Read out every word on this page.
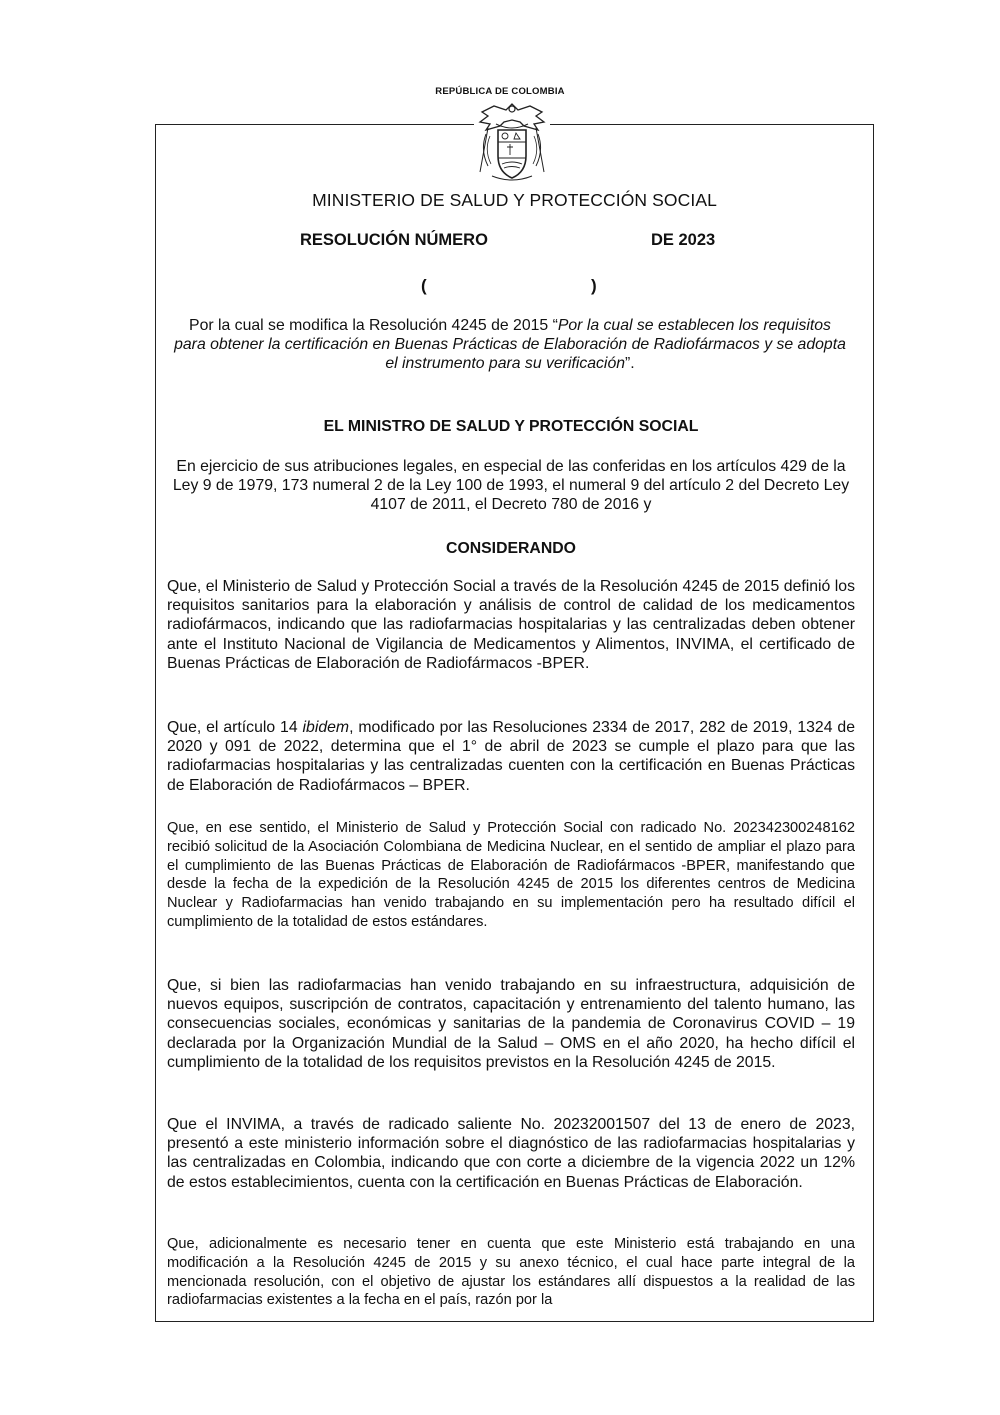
REPÚBLICA DE COLOMBIA
MINISTERIO DE SALUD Y PROTECCIÓN SOCIAL
RESOLUCIÓN NÚMERO	DE 2023
(	)
Por la cual se modifica la Resolución 4245 de 2015 “Por la cual se establecen los requisitos para obtener la certificación en Buenas Prácticas de Elaboración de Radiofármacos y se adopta el instrumento para su verificación”.
EL MINISTRO DE SALUD Y PROTECCIÓN SOCIAL
En ejercicio de sus atribuciones legales, en especial de las conferidas en los artículos 429 de la Ley 9 de 1979, 173 numeral 2 de la Ley 100 de 1993, el numeral 9 del artículo 2 del Decreto Ley 4107 de 2011, el Decreto 780 de 2016 y
CONSIDERANDO
Que, el Ministerio de Salud y Protección Social a través de la Resolución 4245 de 2015 definió los requisitos sanitarios para la elaboración y análisis de control de calidad de los medicamentos radiofármacos, indicando que las radiofarmacias hospitalarias y las centralizadas deben obtener ante el Instituto Nacional de Vigilancia de Medicamentos y Alimentos, INVIMA, el certificado de Buenas Prácticas de Elaboración de Radiofármacos -BPER.
Que, el artículo 14 ibidem, modificado por las Resoluciones 2334 de 2017, 282 de 2019, 1324 de 2020 y 091 de 2022, determina que el 1° de abril de 2023 se cumple el plazo para que las radiofarmacias hospitalarias y las centralizadas cuenten con la certificación en Buenas Prácticas de Elaboración de Radiofármacos – BPER.
Que, en ese sentido, el Ministerio de Salud y Protección Social con radicado No. 202342300248162 recibió solicitud de la Asociación Colombiana de Medicina Nuclear, en el sentido de ampliar el plazo para el cumplimiento de las Buenas Prácticas de Elaboración de Radiofármacos -BPER, manifestando que desde la fecha de la expedición de la Resolución 4245 de 2015 los diferentes centros de Medicina Nuclear y Radiofarmacias han venido trabajando en su implementación pero ha resultado difícil el cumplimiento de la totalidad de estos estándares.
Que, si bien las radiofarmacias han venido trabajando en su infraestructura, adquisición de nuevos equipos, suscripción de contratos, capacitación y entrenamiento del talento humano, las consecuencias sociales, económicas y sanitarias de la pandemia de Coronavirus COVID – 19 declarada por la Organización Mundial de la Salud – OMS en el año 2020, ha hecho difícil el cumplimiento de la totalidad de los requisitos previstos en la Resolución 4245 de 2015.
Que el INVIMA, a través de radicado saliente No. 20232001507 del 13 de enero de 2023, presentó a este ministerio información sobre el diagnóstico de las radiofarmacias hospitalarias y las centralizadas en Colombia, indicando que con corte a diciembre de la vigencia 2022 un 12% de estos establecimientos, cuenta con la certificación en Buenas Prácticas de Elaboración.
Que, adicionalmente es necesario tener en cuenta que este Ministerio está trabajando en una modificación a la Resolución 4245 de 2015 y su anexo técnico, el cual hace parte integral de la mencionada resolución, con el objetivo de ajustar los estándares allí dispuestos a la realidad de las radiofarmacias existentes a la fecha en el país, razón por la
